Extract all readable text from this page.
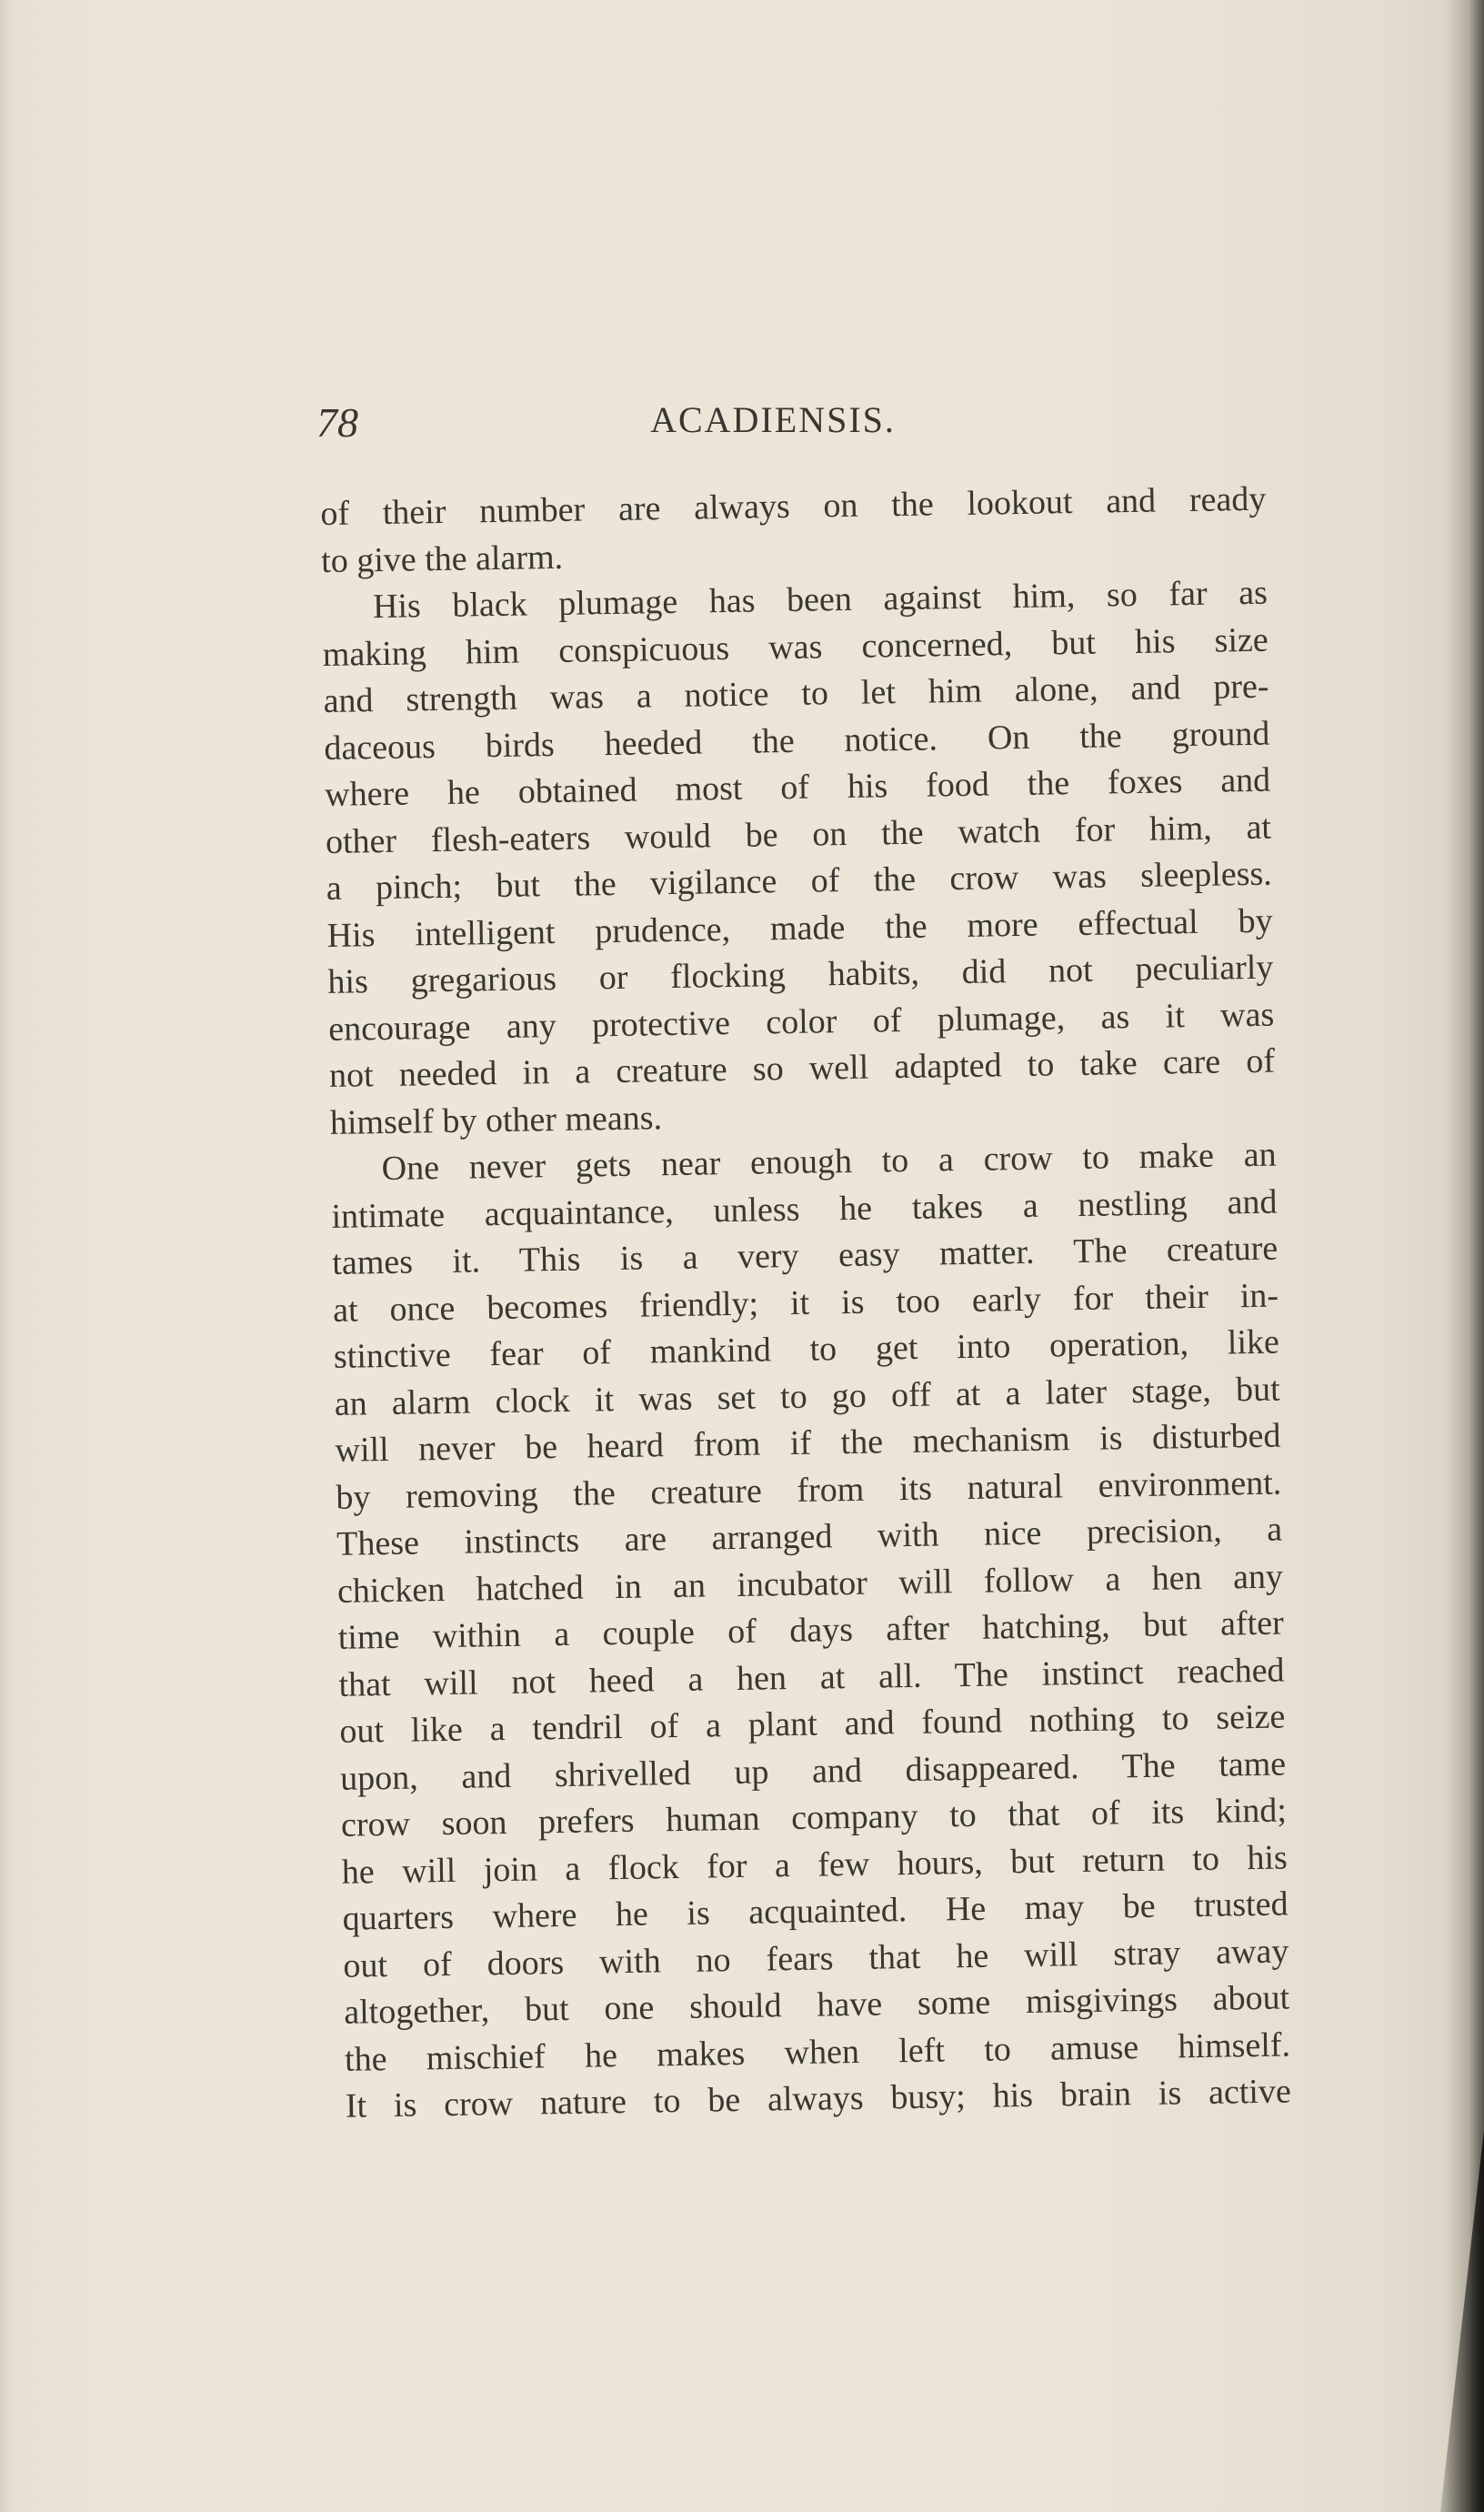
78	ACADIENSIS.
of their number are always on the lookout and ready
to give the alarm.
His black plumage has been against him, so far as
making him conspicuous was concerned, but his size
and strength was a notice to let him alone, and pre-
daceous birds heeded the notice. On the ground
where he obtained most of his food the foxes and
other flesh-eaters would be on the watch for him, at
a pinch; but the vigilance of the crow was sleepless.
His intelligent prudence, made the more effectual by
his gregarious or flocking habits, did not peculiarly
encourage any protective color of plumage, as it was
not needed in a creature so well adapted to take care of
himself by other means.
One never gets near enough to a crow to make an
intimate acquaintance, unless he takes a nestling and
tames it. This is a very easy matter. The creature
at once becomes friendly; it is too early for their in-
stinctive fear of mankind to get into operation, like
an alarm clock it was set to go off at a later stage, but
will never be heard from if the mechanism is disturbed
by removing the creature from its natural environment.
These instincts are arranged with nice precision, a
chicken hatched in an incubator will follow a hen any
time within a couple of days after hatching, but after
that will not heed a hen at all. The instinct reached
out like a tendril of a plant and found nothing to seize
upon, and shrivelled up and disappeared. The tame
crow soon prefers human company to that of its kind;
he will join a flock for a few hours, but return to his
quarters where he is acquainted. He may be trusted
out of doors with no fears that he will stray away
altogether, but one should have some misgivings about
the mischief he makes when left to amuse himself.
It is crow nature to be always busy; his brain is active
